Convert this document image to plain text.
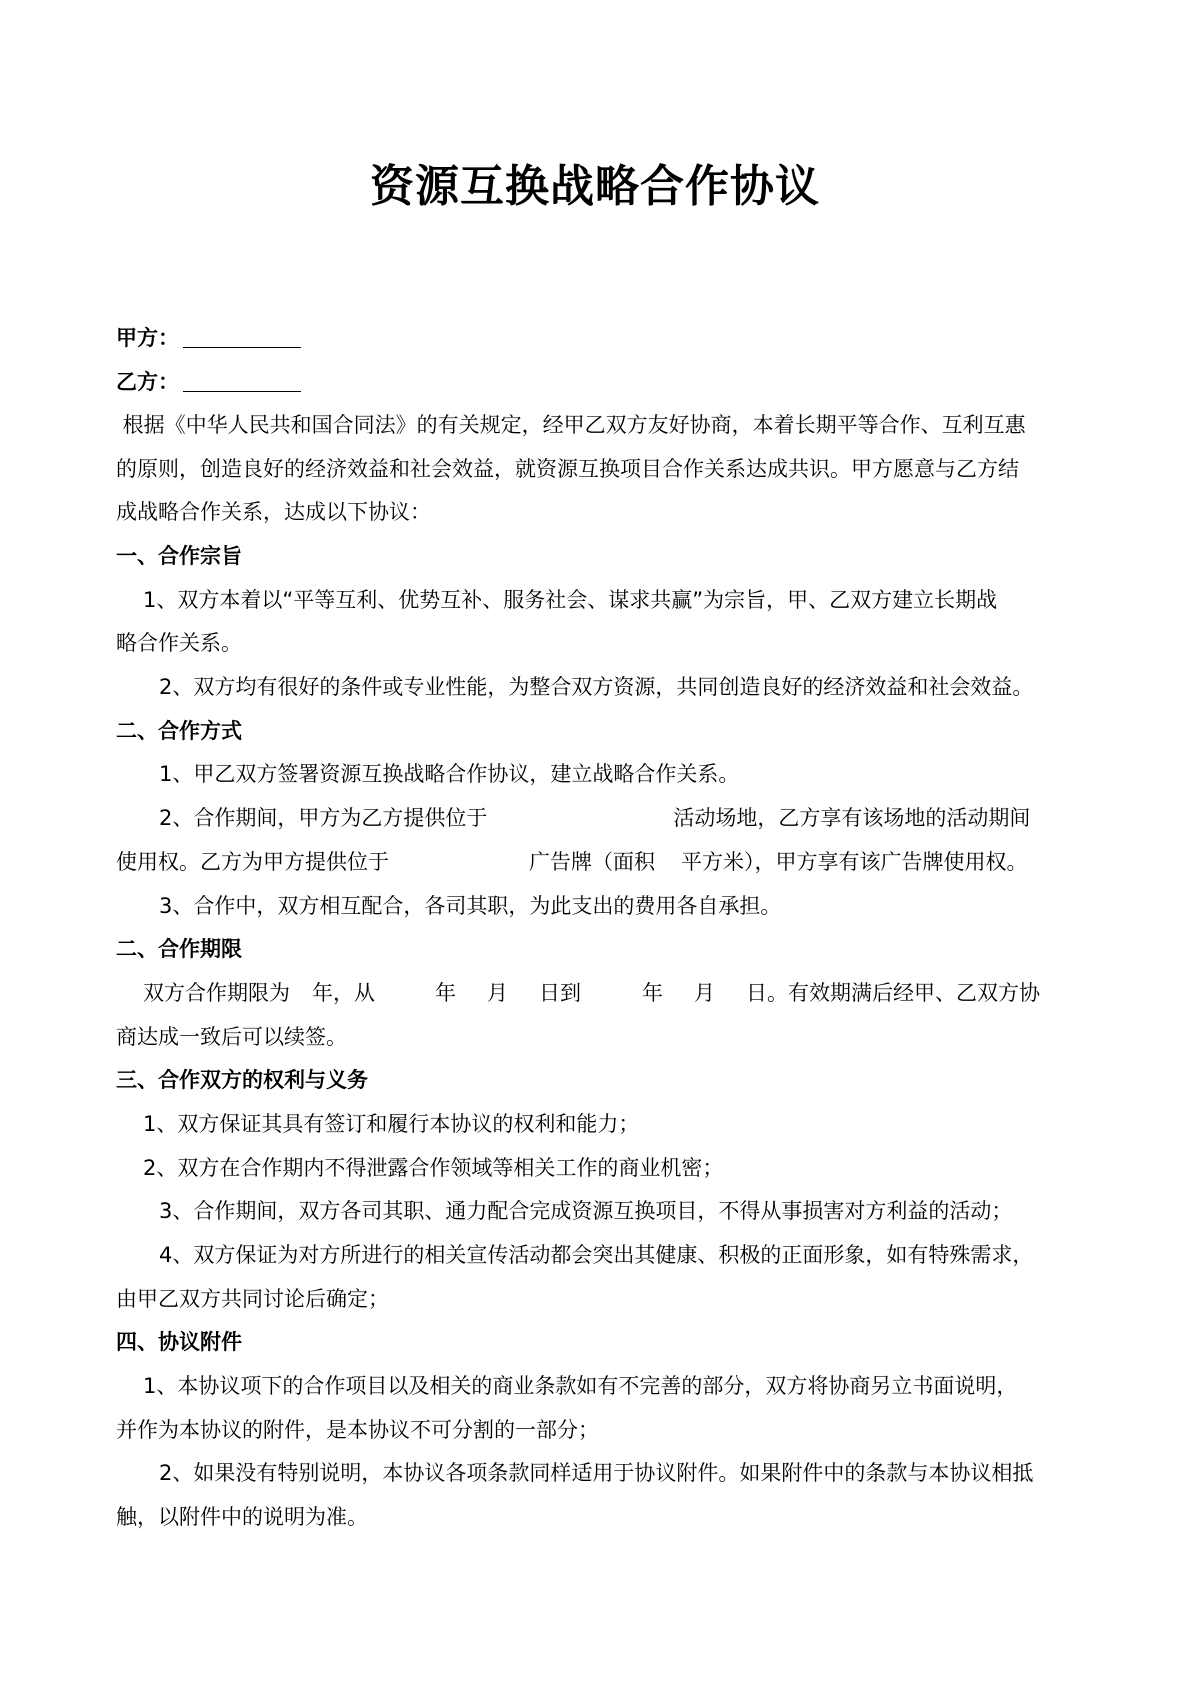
资源互换战略合作协议
甲方：
乙方：
根据《中华人民共和国合同法》的有关规定，经甲乙双方友好协商，本着长期平等合作、互利互惠
的原则，创造良好的经济效益和社会效益，就资源互换项目合作关系达成共识。甲方愿意与乙方结
成战略合作关系，达成以下协议：
一、合作宗旨
1、双方本着以“平等互利、优势互补、服务社会、谋求共赢”为宗旨，甲、乙双方建立长期战
略合作关系。
2、双方均有很好的条件或专业性能，为整合双方资源，共同创造良好的经济效益和社会效益。
二、合作方式
1、甲乙双方签署资源互换战略合作协议，建立战略合作关系。
2、合作期间，甲方为乙方提供位于	活动场地，乙方享有该场地的活动期间
使用权。乙方为甲方提供位于	广告牌（面积 平方米），甲方享有该广告牌使用权。
3、合作中，双方相互配合，各司其职，为此支出的费用各自承担。
二、合作期限
双方合作期限为 年，从	年 月 日到	年 月 日。有效期满后经甲、乙双方协
商达成一致后可以续签。
三、合作双方的权利与义务
1、双方保证其具有签订和履行本协议的权利和能力；
2、双方在合作期内不得泄露合作领域等相关工作的商业机密；
3、合作期间，双方各司其职、通力配合完成资源互换项目，不得从事损害对方利益的活动；
4、双方保证为对方所进行的相关宣传活动都会突出其健康、积极的正面形象，如有特殊需求，
由甲乙双方共同讨论后确定；
四、协议附件
1、本协议项下的合作项目以及相关的商业条款如有不完善的部分，双方将协商另立书面说明，
并作为本协议的附件，是本协议不可分割的一部分；
2、如果没有特别说明，本协议各项条款同样适用于协议附件。如果附件中的条款与本协议相抵
触，以附件中的说明为准。
